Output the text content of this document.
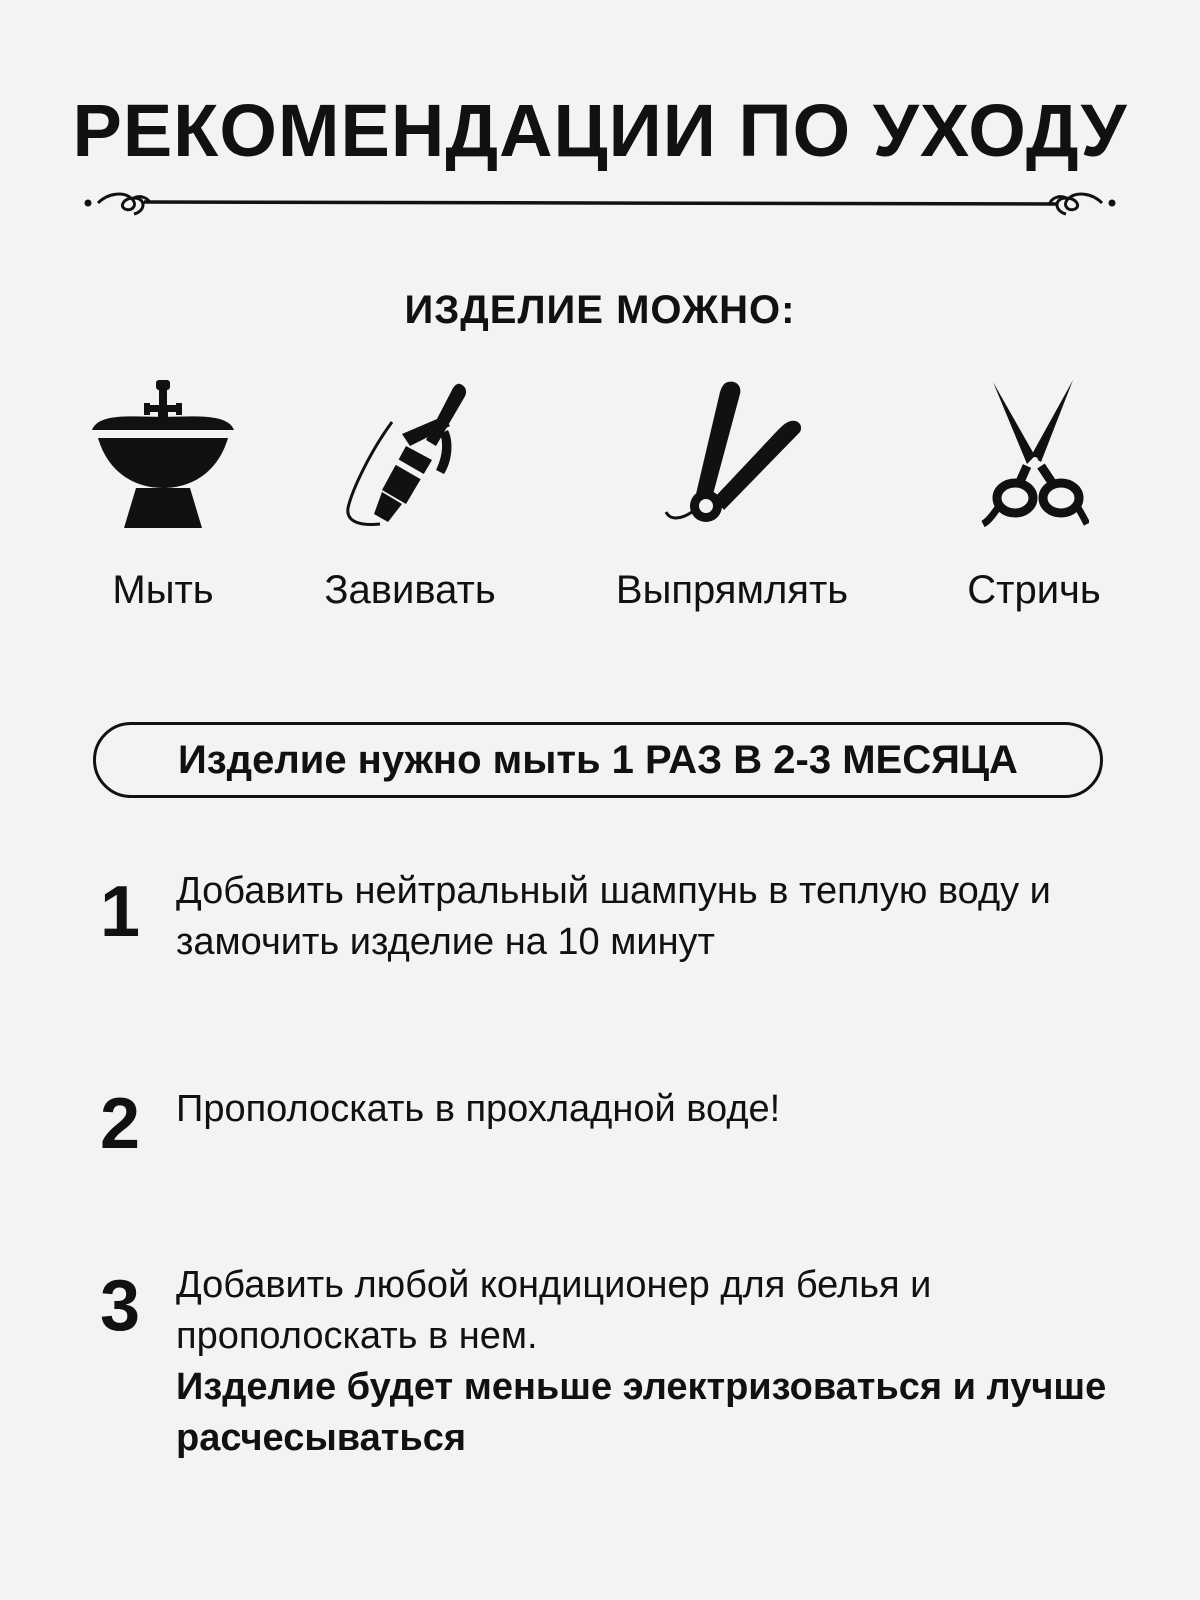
РЕКОМЕНДАЦИИ ПО УХОДУ
ИЗДЕЛИЕ МОЖНО:
Мыть	Завивать	Выпрямлять	Стричь
Изделие нужно мыть 1 РАЗ В 2-3 МЕСЯЦА
1 Добавить нейтральный шампунь в теплую воду и замочить изделие на 10 минут
2 Прополоскать в прохладной воде!
3 Добавить любой кондиционер для белья и прополоскать в нем.
Изделие будет меньше электризоваться и лучше расчесываться
